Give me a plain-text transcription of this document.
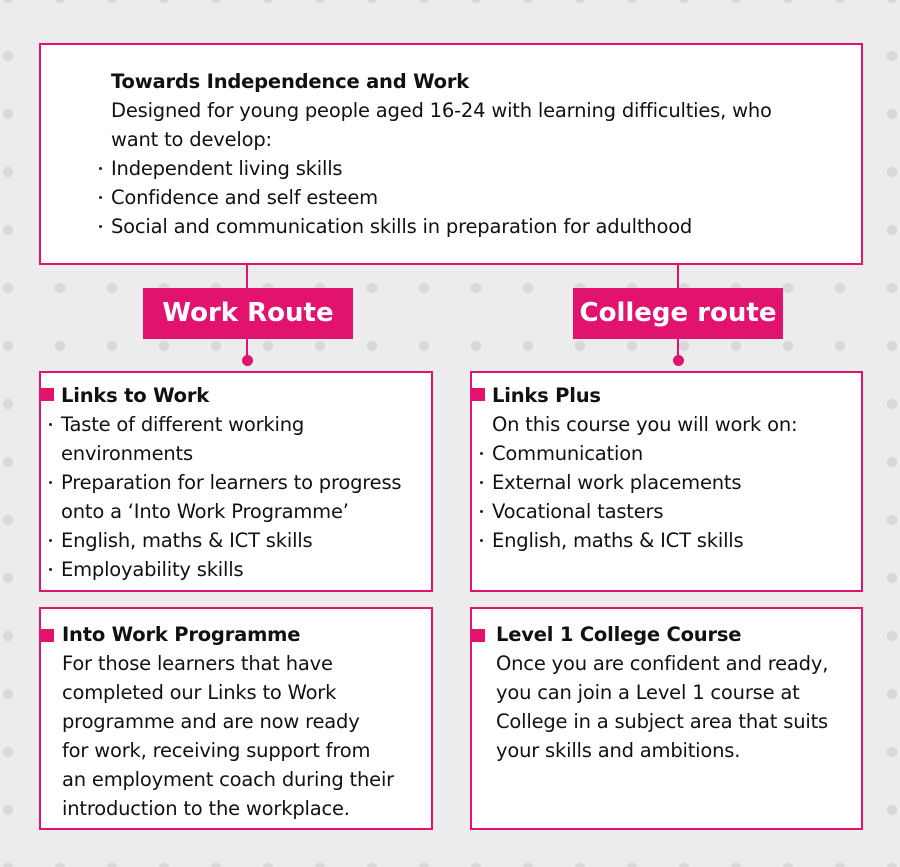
Towards Independence and Work
Designed for young people aged 16-24 with learning difficulties, who
want to develop:
Independent living skills
Confidence and self esteem
Social and communication skills in preparation for adulthood
Work Route	College route
Links to Work
Taste of different working
environments
Preparation for learners to progress
onto a ‘Into Work Programme’
English, maths & ICT skills
Employability skills
Links Plus
On this course you will work on:
Communication
External work placements
Vocational tasters
English, maths & ICT skills
Into Work Programme
For those learners that have
completed our Links to Work
programme and are now ready
for work, receiving support from
an employment coach during their
introduction to the workplace.
Level 1 College Course
Once you are confident and ready,
you can join a Level 1 course at
College in a subject area that suits
your skills and ambitions.
